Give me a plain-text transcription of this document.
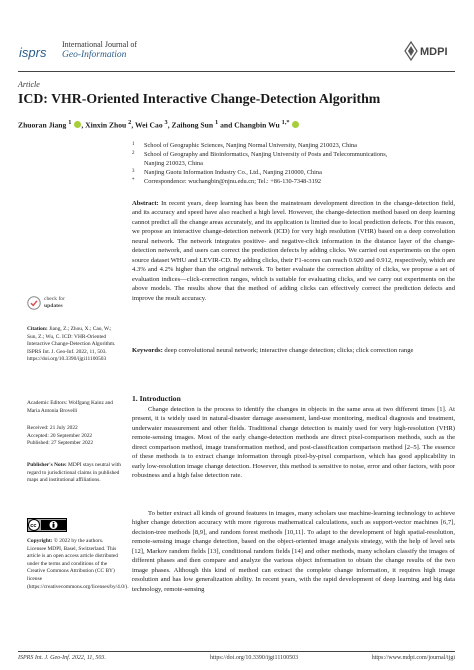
isprs
International Journal of
Geo-Information	MDPI
Article
ICD: VHR-Oriented Interactive Change-Detection Algorithm
Zhuoran Jiang $^1$ , Xinxin Zhou $^2$, Wei Cao $^3$, Zaihong Sun $^1$ and Changbin Wu $^{1,*}$
1 School of Geographic Sciences, Nanjing Normal University, Nanjing 210023, China
2 School of Geography and Bioinformatics, Nanjing University of Posts and Telecommunications,
Nanjing 210023, China
3 Nanjing Guotu Information Industry Co., Ltd., Nanjing 210000, China
* Correspondence: wuchangbin@njnu.edu.cn; Tel.: +86-130-7348-3192

Abstract: In recent years, deep learning has been the mainstream development direction in the change-detection field, and its accuracy and speed have also reached a high level. However, the change-detection method based on deep learning cannot predict all the change areas accurately, and its application is limited due to local prediction defects. For this reason, we propose an interactive change-detection network (ICD) for very high resolution (VHR) based on a deep convolution neural network. The network integrates positive- and negative-click information in the distance layer of the change-detection network, and users can correct the prediction defects by adding clicks. We carried out experiments on the open source dataset WHU and LEVIR-CD. By adding clicks, their F1-scores can reach 0.920 and 0.912, respectively, which are 4.3% and 4.2% higher than the original network. To better evaluate the correction ability of clicks, we propose a set of evaluation indices—click-correction ranges, which is suitable for evaluating clicks, and we carry out experiments on the above models. The results show that the method of adding clicks can effectively correct the prediction defects and improve the result accuracy.

Keywords: deep convolutional neural network; interactive change detection; clicks; click correction range

1. Introduction

Change detection is the process to identify the changes in objects in the same area at two different times [1]. At present, it is widely used in natural-disaster damage assessment, land-use monitoring, medical diagnosis and treatment, underwater measurement and other fields. Traditional change detection is mainly used for very high-resolution (VHR) remote-sensing images. Most of the early change-detection methods are direct pixel-comparison methods, such as the direct comparison method, image transformation method, and post-classification comparison method [2–5]. The essence of these methods is to extract change information through pixel-by-pixel comparison, which has good applicability in early low-resolution image change detection. However, this method is sensitive to noise, error and other factors, with poor robustness and a high false detection rate.

To better extract all kinds of ground features in images, many scholars use machine-learning technology to achieve higher change detection accuracy with more rigorous mathematical calculations, such as support-vector machines [6,7], decision-tree methods [8,9], and random forest methods [10,11]. To adapt to the development of high spatial-resolution, remote-sensing image change detection, based on the object-oriented image analysis strategy, with the help of level sets [12], Markov random fields [13], conditional random fields [14] and other methods, many scholars classify the images of different phases and then compare and analyze the various object information to obtain the change results of the two image phases. Although this kind of method can extract the complete change information, it requires high image resolution and has low generalization ability. In recent years, with the rapid development of deep learning and big data technology, remote-sensing

check for
updates
Citation: Jiang, Z.; Zhou, X.; Cao, W.; Sun, Z.; Wu, C. ICD: VHR-Oriented Interactive Change-Detection Algorithm. ISPRS Int. J. Geo-Inf. 2022, 11, 503. https://doi.org/10.3390/ijgi11100503
Academic Editors: Wolfgang Kainz and Maria Antonia Brovelli
Received: 21 July 2022
Accepted: 20 September 2022
Published: 27 September 2022
Publisher's Note: MDPI stays neutral with regard to jurisdictional claims in published maps and institutional affiliations.
cc
Copyright: © 2022 by the authors. Licensee MDPI, Basel, Switzerland. This article is an open access article distributed under the terms and conditions of the Creative Commons Attribution (CC BY) license (https://creativecommons.org/licenses/by/4.0/).
ISPRS Int. J. Geo-Inf. 2022, 11, 503.	https://doi.org/10.3390/ijgi11100503	https://www.mdpi.com/journal/ijgi
